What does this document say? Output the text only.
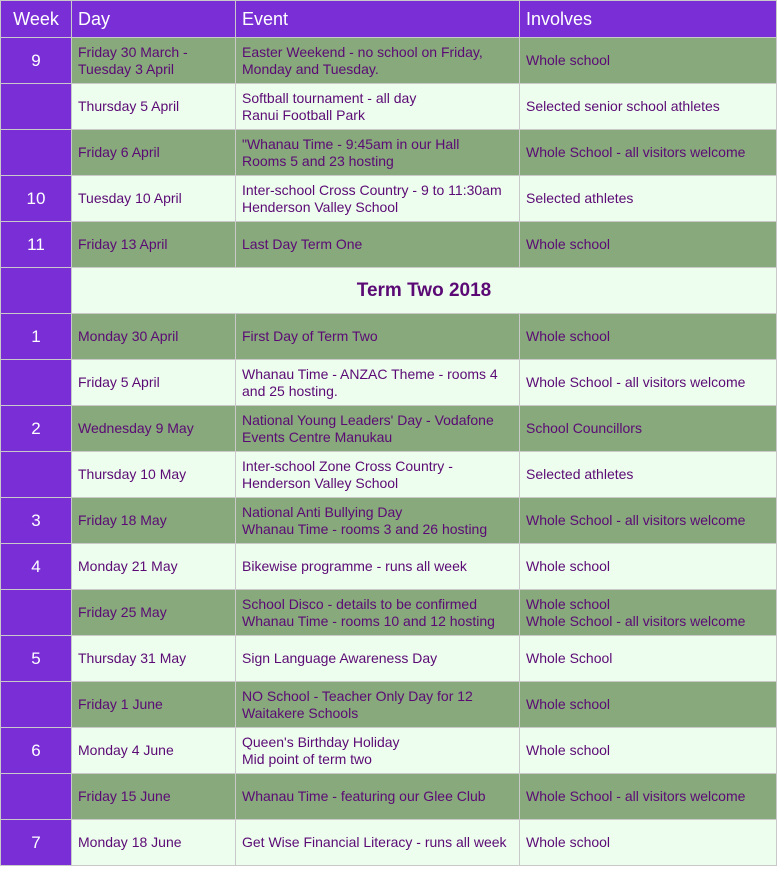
Week	Day	Event	Involves
9	Friday 30 March - Tuesday 3 April	Easter Weekend - no school on Friday,
Monday and Tuesday.	Whole school

	Thursday 5 April	Softball tournament - all day
Ranui Football Park	Selected senior school athletes

	Friday 6 April	"Whanau Time - 9:45am in our Hall
Rooms 5 and 23 hosting	Whole School - all visitors welcome

10	Tuesday 10 April	Inter-school Cross Country - 9 to 11:30am
Henderson Valley School	Selected athletes

11	Friday 13 April	Last Day Term One	Whole school

	Term Two 2018		
1	Monday 30 April	First Day of Term Two	Whole school

	Friday 5 April	Whanau Time - ANZAC Theme - rooms 4
and 25 hosting.	Whole School - all visitors welcome

2	Wednesday 9 May	National Young Leaders' Day - Vodafone
Events Centre Manukau	School Councillors

	Thursday 10 May	Inter-school Zone Cross Country -
Henderson Valley School	Selected athletes

3	Friday 18 May	National Anti Bullying Day
Whanau Time - rooms 3 and 26 hosting	Whole School - all visitors welcome

4	Monday 21 May	Bikewise programme - runs all week	Whole school

	Friday 25 May	School Disco - details to be confirmed
Whanau Time - rooms 10 and 12 hosting	Whole school
Whole School - all visitors welcome

5	Thursday 31 May	Sign Language Awareness Day	Whole School

	Friday 1 June	NO School - Teacher Only Day for 12
Waitakere Schools	Whole school

6	Monday 4 June	Queen's Birthday Holiday
Mid point of term two	Whole school

	Friday 15 June	Whanau Time - featuring our Glee Club	Whole School - all visitors welcome

7	Monday 18 June	Get Wise Financial Literacy - runs all week	Whole school
